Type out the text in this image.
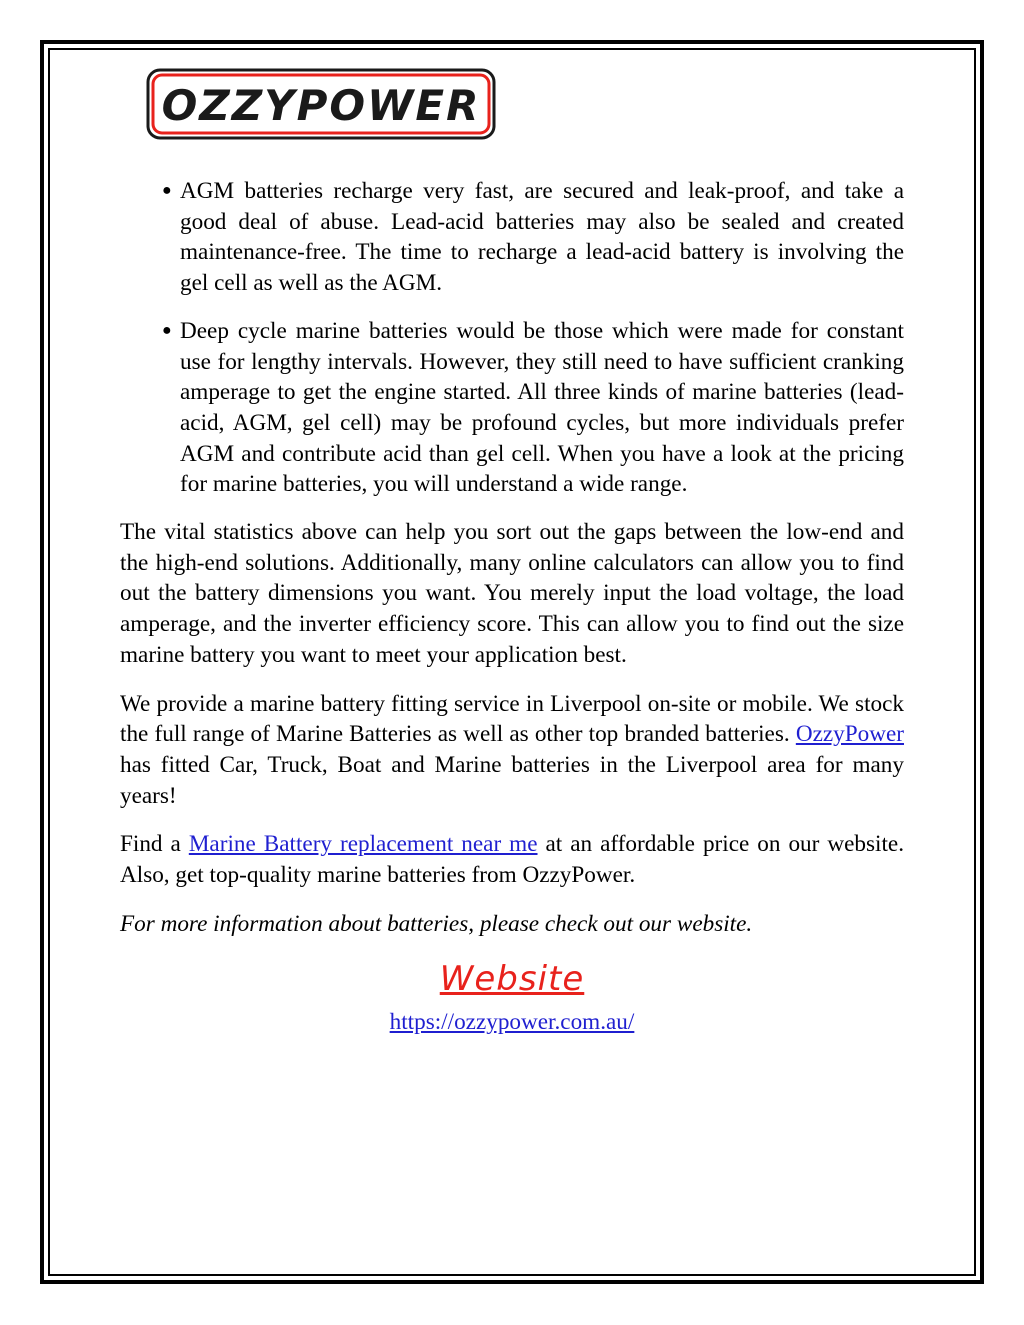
OZZYPOWER
● AGM batteries recharge very fast, are secured and leak-proof, and take a good deal of abuse. Lead-acid batteries may also be sealed and created maintenance-free. The time to recharge a lead-acid battery is involving the gel cell as well as the AGM.
● Deep cycle marine batteries would be those which were made for constant use for lengthy intervals. However, they still need to have sufficient cranking amperage to get the engine started. All three kinds of marine batteries (lead-acid, AGM, gel cell) may be profound cycles, but more individuals prefer AGM and contribute acid than gel cell. When you have a look at the pricing for marine batteries, you will understand a wide range.

The vital statistics above can help you sort out the gaps between the low-end and the high-end solutions. Additionally, many online calculators can allow you to find out the battery dimensions you want. You merely input the load voltage, the load amperage, and the inverter efficiency score. This can allow you to find out the size marine battery you want to meet your application best.

We provide a marine battery fitting service in Liverpool on-site or mobile. We stock the full range of Marine Batteries as well as other top branded batteries. OzzyPower has fitted Car, Truck, Boat and Marine batteries in the Liverpool area for many years!

Find a Marine Battery replacement near me at an affordable price on our website. Also, get top-quality marine batteries from OzzyPower.

For more information about batteries, please check out our website.

Website
https://ozzypower.com.au/
